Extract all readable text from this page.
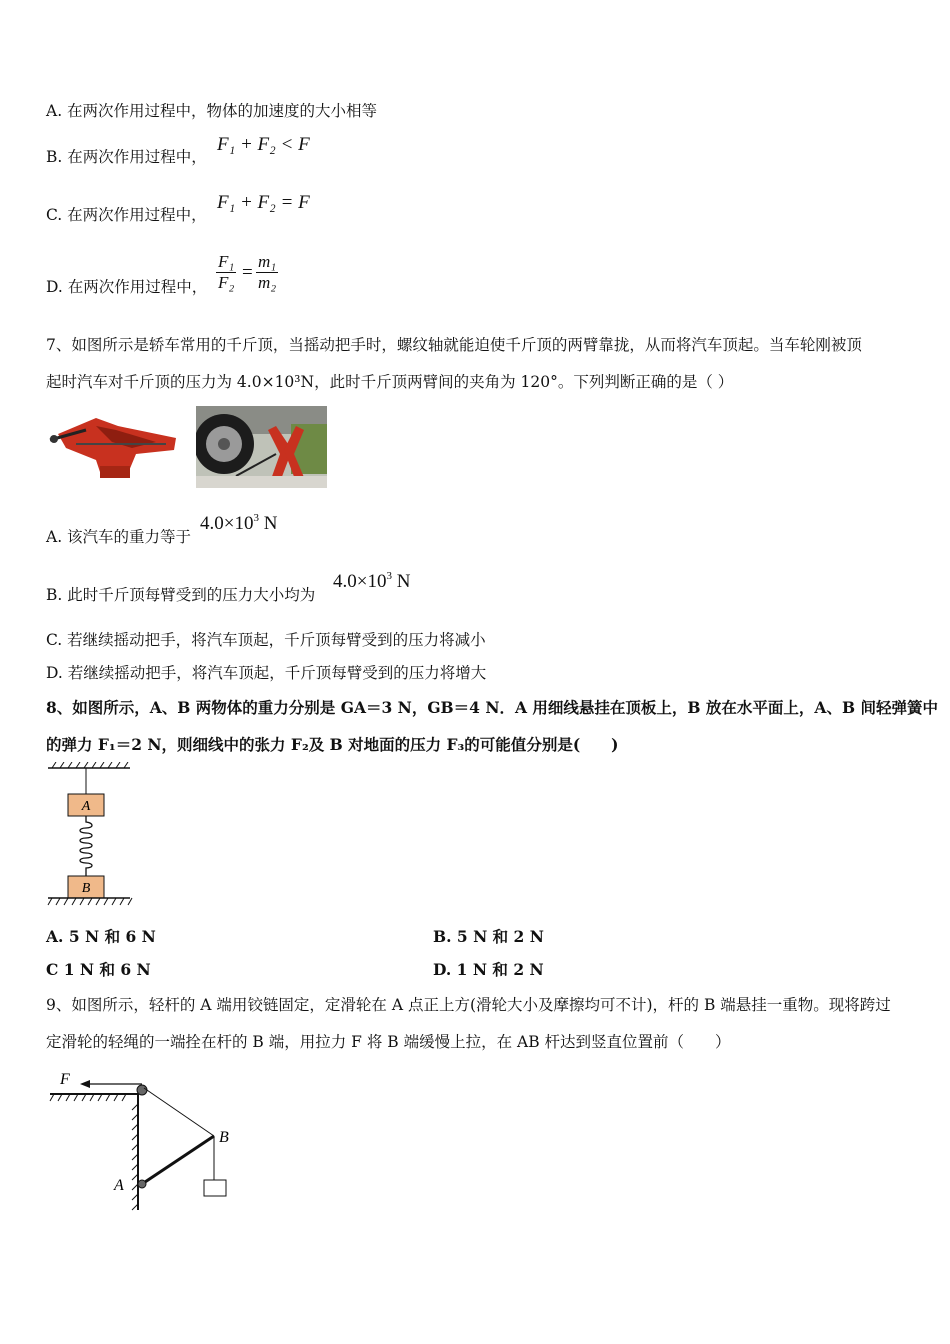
A. 在两次作用过程中，物体的加速度的大小相等
B. 在两次作用过程中，
F₁ + F₂ < F
C. 在两次作用过程中，
F₁ + F₂ = F
D. 在两次作用过程中， $\frac{\text{F₁}}{\text{F₂}} = \frac{\text{m₁}}{\text{m₂}}$
7、如图所示是轿车常用的千斤顶，当摇动把手时，螺纹轴就能迫使千斤顶的两臂靠拢，从而将汽车顶起。当车轮刚被顶
起时汽车对千斤顶的压力为 4.0×10³N，此时千斤顶两臂间的夹角为 120°。下列判断正确的是（ ）
A. 该汽车的重力等于
$4.0\times 10^3$ N
B. 此时千斤顶每臂受到的压力大小均为
$4.0\times 10^3$ N
C. 若继续摇动把手，将汽车顶起，千斤顶每臂受到的压力将减小
D. 若继续摇动把手，将汽车顶起，千斤顶每臂受到的压力将增大
8、如图所示，A、B 两物体的重力分别是 GA＝3 N，GB＝4 N．A 用细线悬挂在顶板上，B 放在水平面上，A、B 间轻弹簧中
的弹力 F₁＝2 N，则细线中的张力 F₂及 B 对地面的压力 F₃的可能值分别是(　　)
A
B
A. 5 N 和 6 N	B. 5 N 和 2 N
C 1 N 和 6 N	D. 1 N 和 2 N
9、如图所示，轻杆的 A 端用铰链固定，定滑轮在 A 点正上方(滑轮大小及摩擦均可不计)，杆的 B 端悬挂一重物。现将跨过
定滑轮的轻绳的一端拴在杆的 B 端，用拉力 F 将 B 端缓慢上拉，在 AB 杆达到竖直位置前（　　）
F
A
B
